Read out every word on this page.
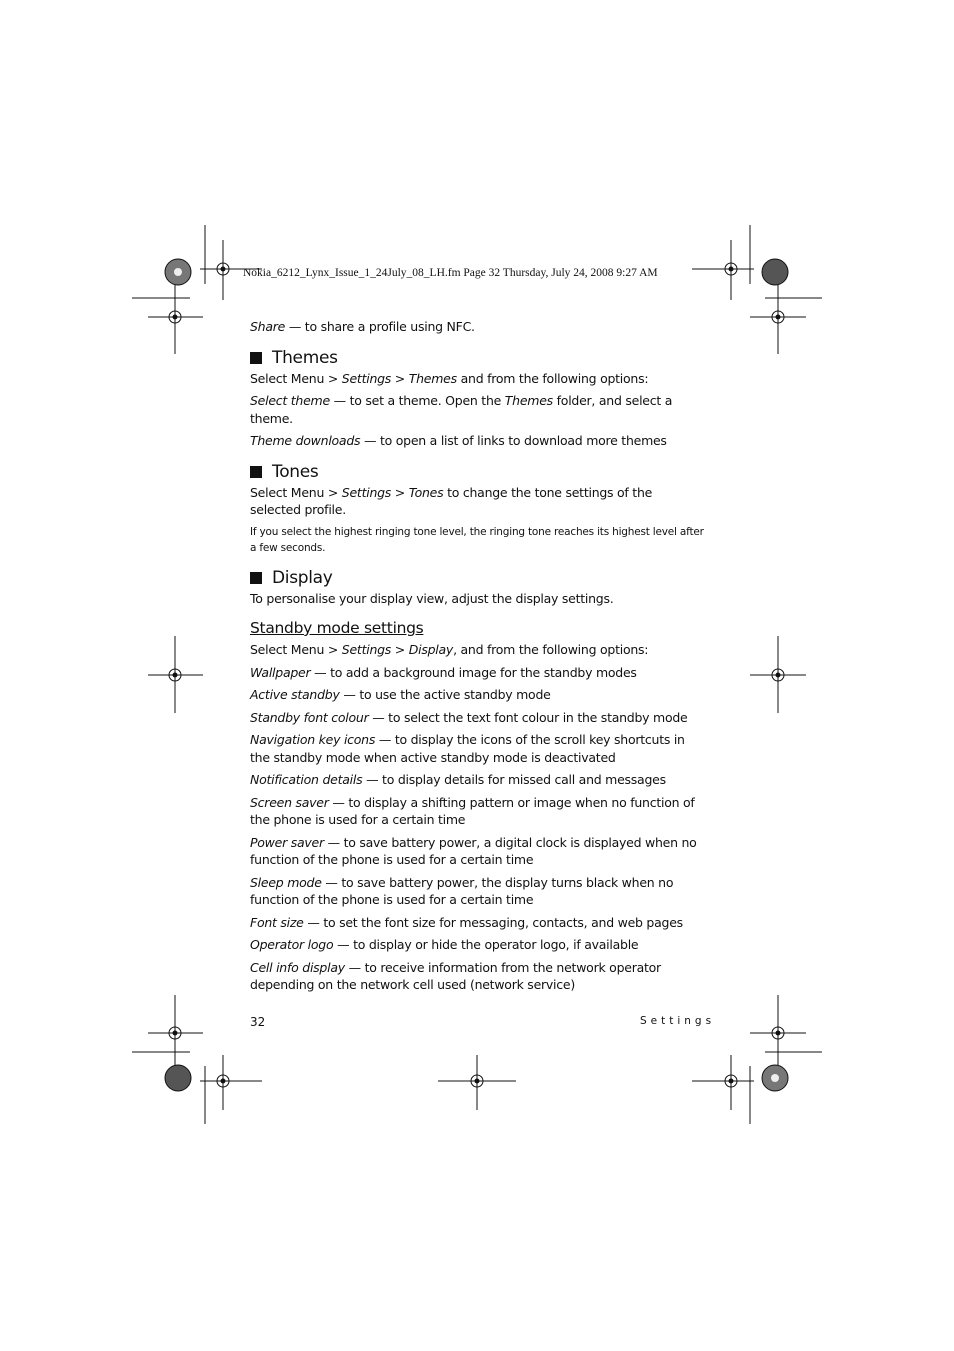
Nokia_6212_Lynx_Issue_1_24July_08_LH.fm Page 32 Thursday, July 24, 2008 9:27 AM

Share — to share a profile using NFC.

Themes

Select Menu > Settings > Themes and from the following options:

Select theme — to set a theme. Open the Themes folder, and select a theme.

Theme downloads — to open a list of links to download more themes

Tones

Select Menu > Settings > Tones to change the tone settings of the selected profile.

If you select the highest ringing tone level, the ringing tone reaches its highest level after a few seconds.

Display

To personalise your display view, adjust the display settings.

Standby mode settings

Select Menu > Settings > Display, and from the following options:

Wallpaper — to add a background image for the standby modes

Active standby — to use the active standby mode

Standby font colour — to select the text font colour in the standby mode

Navigation key icons — to display the icons of the scroll key shortcuts in the standby mode when active standby mode is deactivated

Notification details — to display details for missed call and messages

Screen saver — to display a shifting pattern or image when no function of the phone is used for a certain time

Power saver — to save battery power, a digital clock is displayed when no function of the phone is used for a certain time

Sleep mode — to save battery power, the display turns black when no function of the phone is used for a certain time

Font size — to set the font size for messaging, contacts, and web pages

Operator logo — to display or hide the operator logo, if available

Cell info display — to receive information from the network operator depending on the network cell used (network service)

32	Settings
